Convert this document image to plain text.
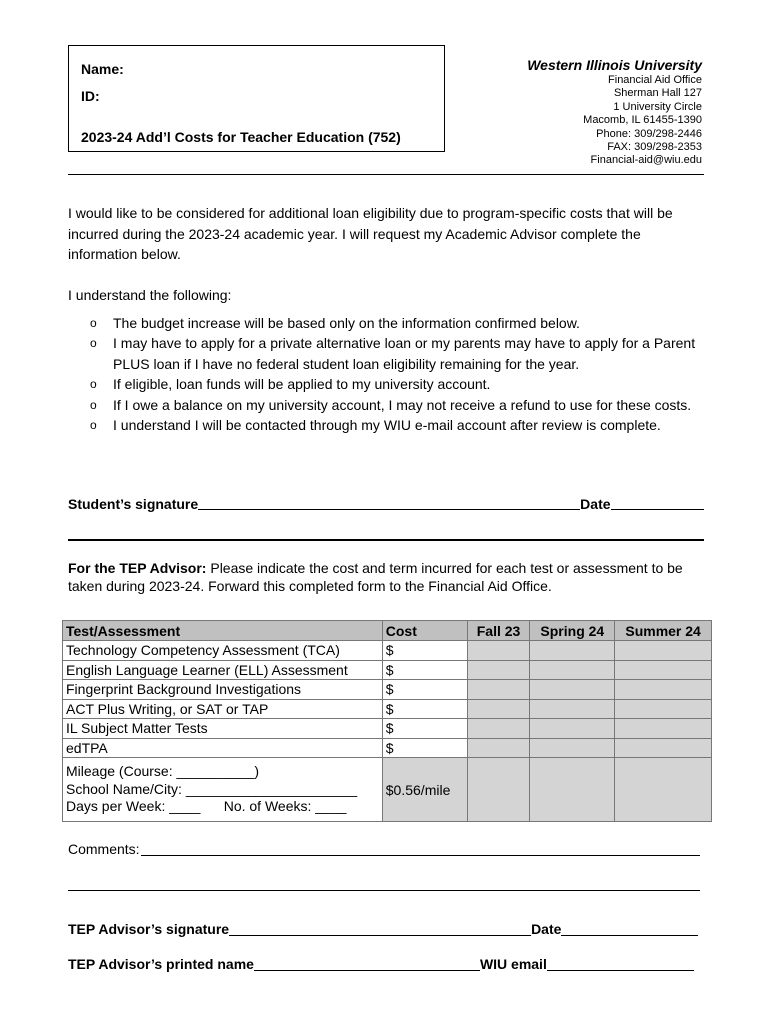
Name:
ID:
2023-24 Add’l Costs for Teacher Education (752)
Western Illinois University
Financial Aid Office
Sherman Hall 127
1 University Circle
Macomb, IL 61455-1390
Phone: 309/298-2446
FAX: 309/298-2353
Financial-aid@wiu.edu
I would like to be considered for additional loan eligibility due to program-specific costs that will be incurred during the 2023-24 academic year. I will request my Academic Advisor complete the information below.
I understand the following:
o The budget increase will be based only on the information confirmed below.
o I may have to apply for a private alternative loan or my parents may have to apply for a Parent PLUS loan if I have no federal student loan eligibility remaining for the year.
o If eligible, loan funds will be applied to my university account.
o If I owe a balance on my university account, I may not receive a refund to use for these costs.
o I understand I will be contacted through my WIU e-mail account after review is complete.
Student’s signature	Date
For the TEP Advisor: Please indicate the cost and term incurred for each test or assessment to be taken during 2023-24. Forward this completed form to the Financial Aid Office.
Test/Assessment	Cost	Fall 23	Spring 24	Summer 24
Technology Competency Assessment (TCA)	$			
English Language Learner (ELL) Assessment	$			
Fingerprint Background Investigations	$			
ACT Plus Writing, or SAT or TAP	$			
IL Subject Matter Tests	$			
edTPA	$			

Mileage (Course: __________)
School Name/City: ______________________
Days per Week: ____      No. of Weeks: ____	$0.56/mile			
Comments:
TEP Advisor’s signature	Date
TEP Advisor’s printed name	WIU email
